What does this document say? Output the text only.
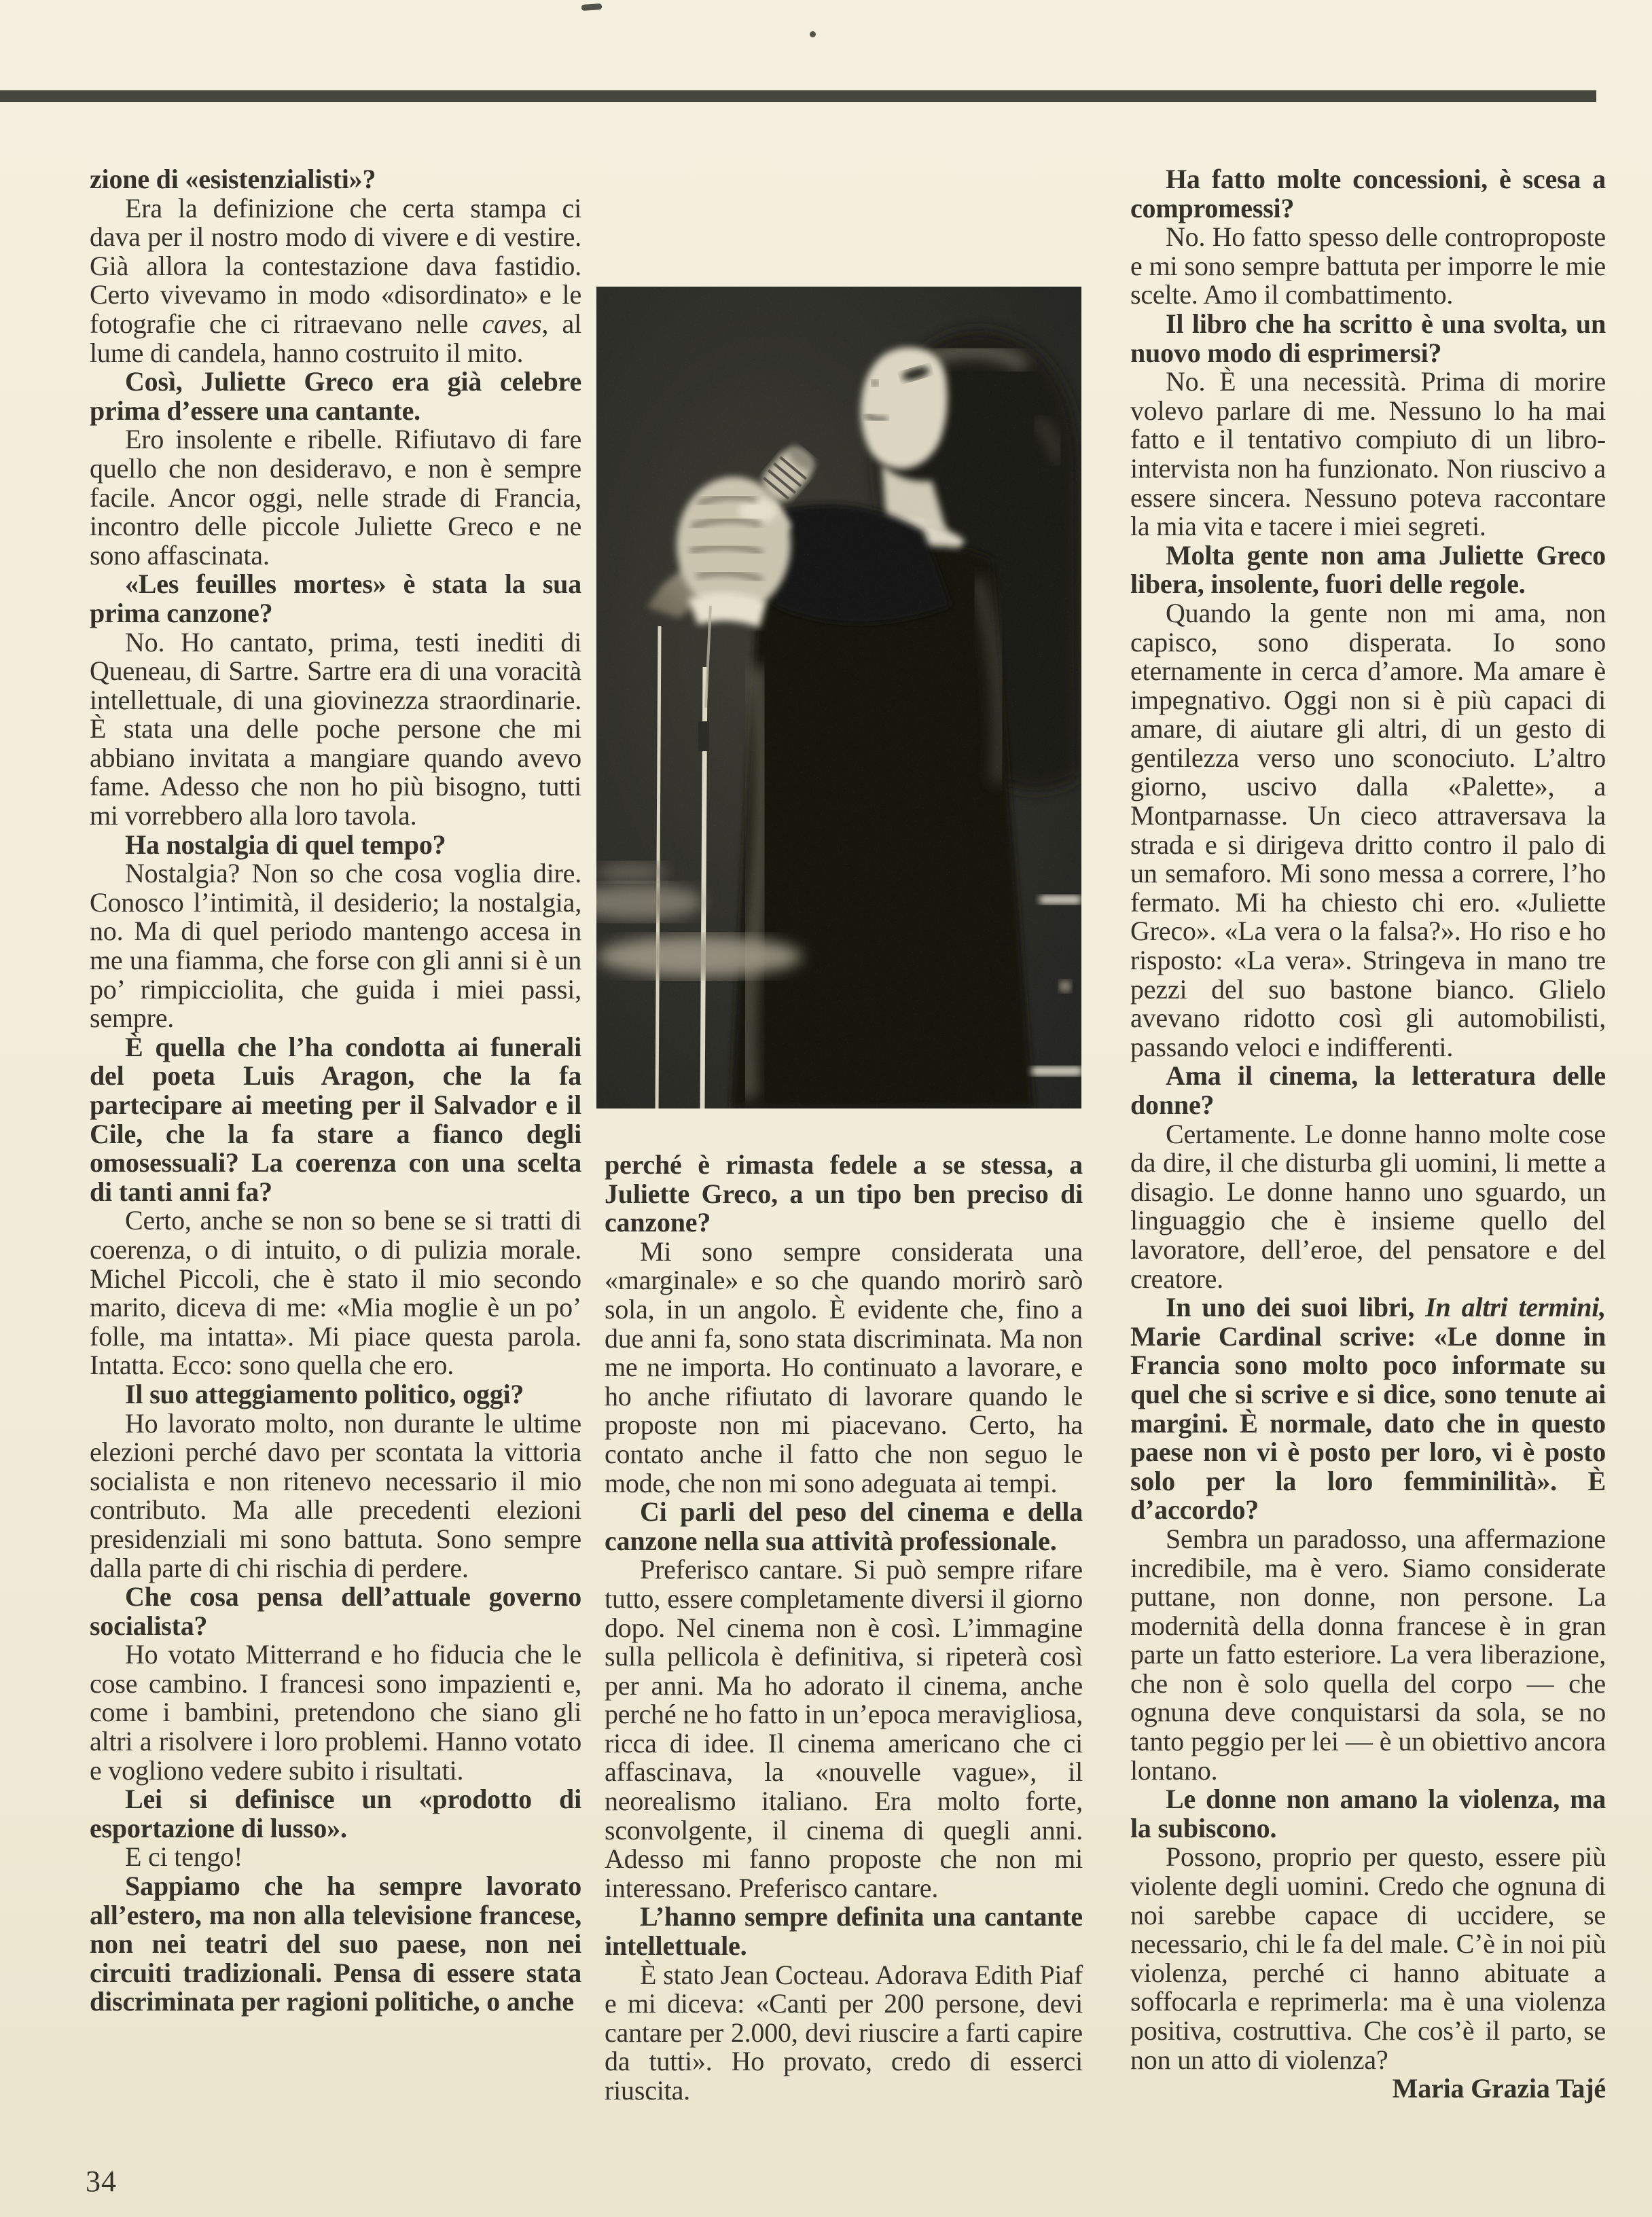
zione di «esistenzialisti»?

Era la definizione che certa stampa ci dava per il nostro modo di vivere e di vestire. Già allora la contestazione dava fastidio. Certo vivevamo in modo «disordinato» e le fotografie che ci ritraevano nelle caves, al lume di candela, hanno costruito il mito.

Così, Juliette Greco era già celebre prima d’essere una cantante.

Ero insolente e ribelle. Rifiutavo di fare quello che non desideravo, e non è sempre facile. Ancor oggi, nelle strade di Francia, incontro delle piccole Juliette Greco e ne sono affascinata.

«Les feuilles mortes» è stata la sua prima canzone?

No. Ho cantato, prima, testi inediti di Queneau, di Sartre. Sartre era di una voracità intellettuale, di una giovinezza straordinarie. È stata una delle poche persone che mi abbiano invitata a mangiare quando avevo fame. Adesso che non ho più bisogno, tutti mi vorrebbero alla loro tavola.

Ha nostalgia di quel tempo?

Nostalgia? Non so che cosa voglia dire. Conosco l’intimità, il desiderio; la nostalgia, no. Ma di quel periodo mantengo accesa in me una fiamma, che forse con gli anni si è un po’ rimpicciolita, che guida i miei passi, sempre.

È quella che l’ha condotta ai funerali del poeta Luis Aragon, che la fa partecipare ai meeting per il Salvador e il Cile, che la fa stare a fianco degli omosessuali? La coerenza con una scelta di tanti anni fa?

Certo, anche se non so bene se si tratti di coerenza, o di intuito, o di pulizia morale. Michel Piccoli, che è stato il mio secondo marito, diceva di me: «Mia moglie è un po’ folle, ma intatta». Mi piace questa parola. Intatta. Ecco: sono quella che ero.

Il suo atteggiamento politico, oggi?

Ho lavorato molto, non durante le ultime elezioni perché davo per scontata la vittoria socialista e non ritenevo necessario il mio contributo. Ma alle precedenti elezioni presidenziali mi sono battuta. Sono sempre dalla parte di chi rischia di perdere.

Che cosa pensa dell’attuale governo socialista?

Ho votato Mitterrand e ho fiducia che le cose cambino. I francesi sono impazienti e, come i bambini, pretendono che siano gli altri a risolvere i loro problemi. Hanno votato e vogliono vedere subito i risultati.

Lei si definisce un «prodotto di esportazione di lusso».

E ci tengo!

Sappiamo che ha sempre lavorato all’estero, ma non alla televisione francese, non nei teatri del suo paese, non nei circuiti tradizionali. Pensa di essere stata discriminata per ragioni politiche, o anche

perché è rimasta fedele a se stessa, a Juliette Greco, a un tipo ben preciso di canzone?

Mi sono sempre considerata una «marginale» e so che quando morirò sarò sola, in un angolo. È evidente che, fino a due anni fa, sono stata discriminata. Ma non me ne importa. Ho continuato a lavorare, e ho anche rifiutato di lavorare quando le proposte non mi piacevano. Certo, ha contato anche il fatto che non seguo le mode, che non mi sono adeguata ai tempi.

Ci parli del peso del cinema e della canzone nella sua attività professionale.

Preferisco cantare. Si può sempre rifare tutto, essere completamente diversi il giorno dopo. Nel cinema non è così. L’immagine sulla pellicola è definitiva, si ripeterà così per anni. Ma ho adorato il cinema, anche perché ne ho fatto in un’epoca meravigliosa, ricca di idee. Il cinema americano che ci affascinava, la «nouvelle vague», il neorealismo italiano. Era molto forte, sconvolgente, il cinema di quegli anni. Adesso mi fanno proposte che non mi interessano. Preferisco cantare.

L’hanno sempre definita una cantante intellettuale.

È stato Jean Cocteau. Adorava Edith Piaf e mi diceva: «Canti per 200 persone, devi cantare per 2.000, devi riuscire a farti capire da tutti». Ho provato, credo di esserci riuscita.

Ha fatto molte concessioni, è scesa a compromessi?

No. Ho fatto spesso delle controproposte e mi sono sempre battuta per imporre le mie scelte. Amo il combattimento.

Il libro che ha scritto è una svolta, un nuovo modo di esprimersi?

No. È una necessità. Prima di morire volevo parlare di me. Nessuno lo ha mai fatto e il tentativo compiuto di un libro-intervista non ha funzionato. Non riuscivo a essere sincera. Nessuno poteva raccontare la mia vita e tacere i miei segreti.

Molta gente non ama Juliette Greco libera, insolente, fuori delle regole.

Quando la gente non mi ama, non capisco, sono disperata. Io sono eternamente in cerca d’amore. Ma amare è impegnativo. Oggi non si è più capaci di amare, di aiutare gli altri, di un gesto di gentilezza verso uno sconociuto. L’altro giorno, uscivo dalla «Palette», a Montparnasse. Un cieco attraversava la strada e si dirigeva dritto contro il palo di un semaforo. Mi sono messa a correre, l’ho fermato. Mi ha chiesto chi ero. «Juliette Greco». «La vera o la falsa?». Ho riso e ho risposto: «La vera». Stringeva in mano tre pezzi del suo bastone bianco. Glielo avevano ridotto così gli automobilisti, passando veloci e indifferenti.

Ama il cinema, la letteratura delle donne?

Certamente. Le donne hanno molte cose da dire, il che disturba gli uomini, li mette a disagio. Le donne hanno uno sguardo, un linguaggio che è insieme quello del lavoratore, dell’eroe, del pensatore e del creatore.

In uno dei suoi libri, In altri termini, Marie Cardinal scrive: «Le donne in Francia sono molto poco informate su quel che si scrive e si dice, sono tenute ai margini. È normale, dato che in questo paese non vi è posto per loro, vi è posto solo per la loro femminilità». È d’accordo?

Sembra un paradosso, una affermazione incredibile, ma è vero. Siamo considerate puttane, non donne, non persone. La modernità della donna francese è in gran parte un fatto esteriore. La vera liberazione, che non è solo quella del corpo — che ognuna deve conquistarsi da sola, se no tanto peggio per lei — è un obiettivo ancora lontano.

Le donne non amano la violenza, ma la subiscono.

Possono, proprio per questo, essere più violente degli uomini. Credo che ognuna di noi sarebbe capace di uccidere, se necessario, chi le fa del male. C’è in noi più violenza, perché ci hanno abituate a soffocarla e reprimerla: ma è una violenza positiva, costruttiva. Che cos’è il parto, se non un atto di violenza?

Maria Grazia Tajé

34
